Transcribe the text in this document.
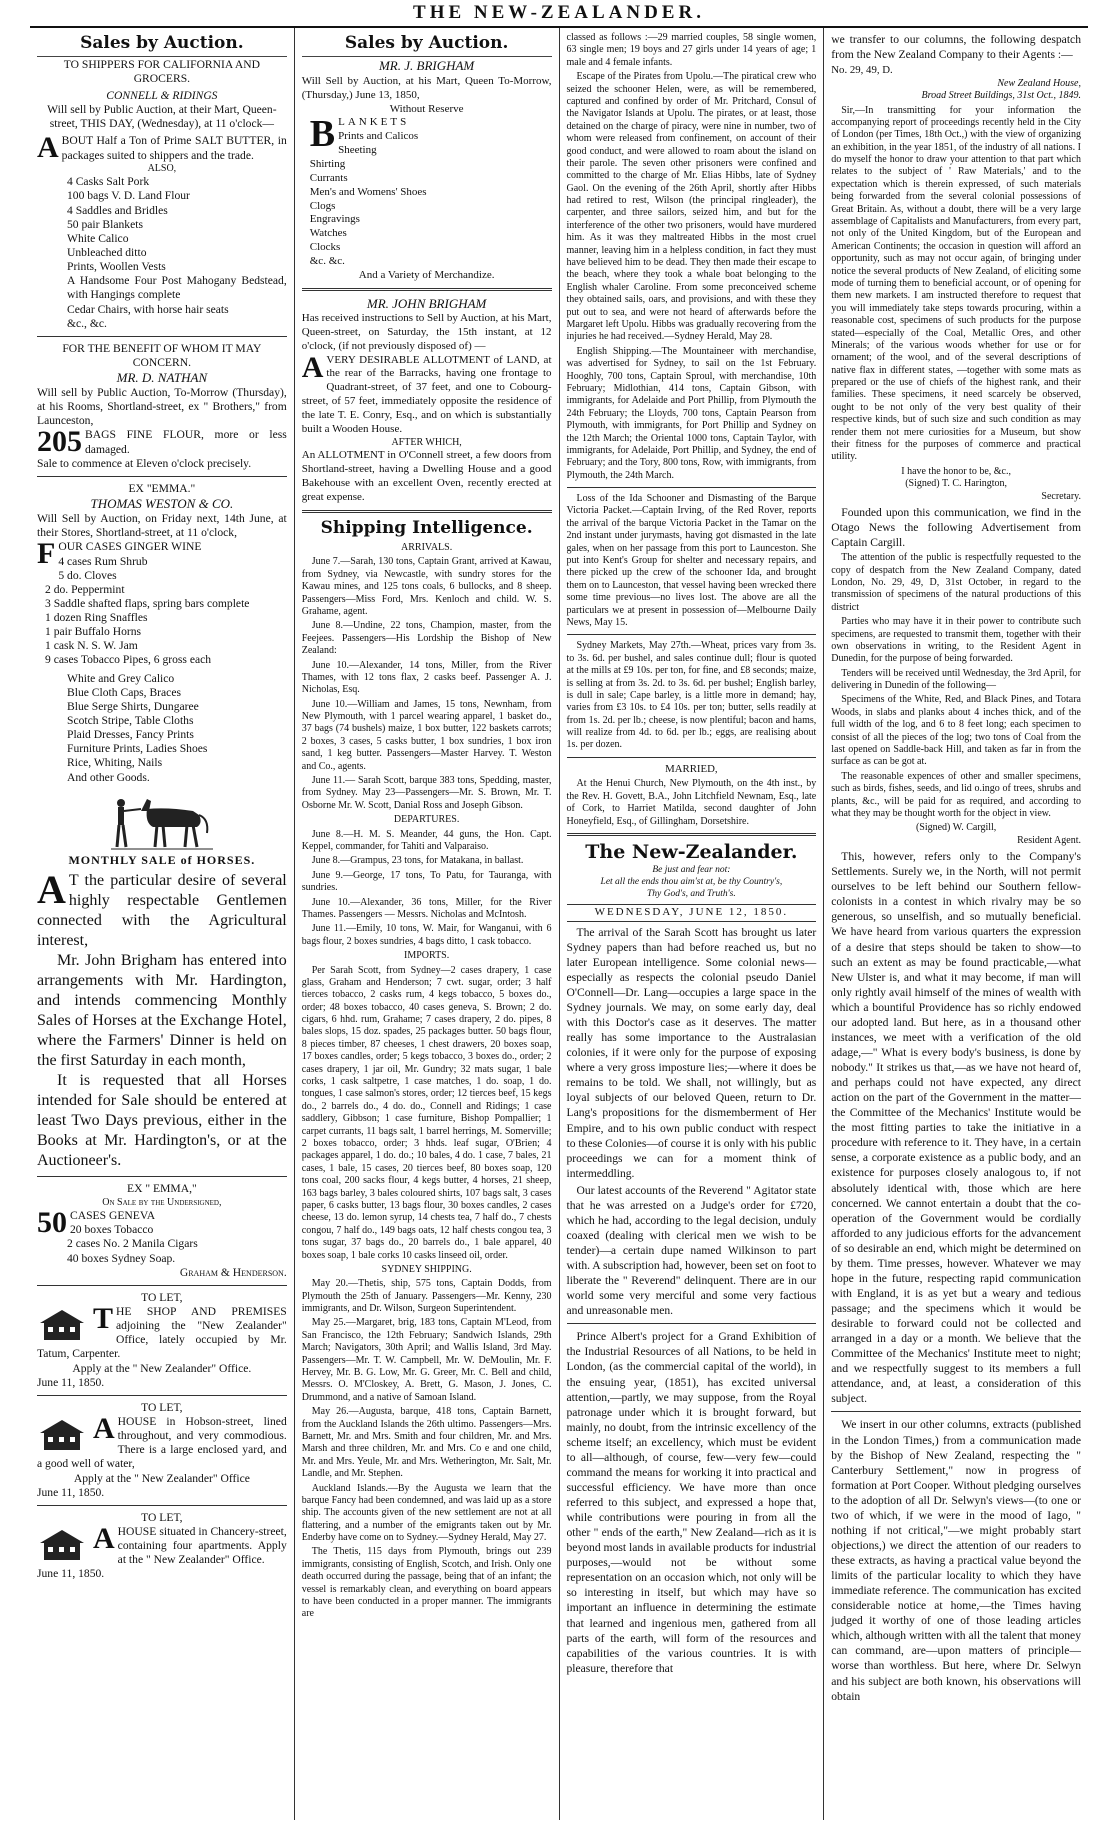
THE NEW-ZEALANDER.
Sales by Auction.
TO SHIPPERS FOR CALIFORNIA AND GROCERS.
CONNELL & RIDINGS
Will sell by Public Auction, at their Mart, Queen-street, THIS DAY, (Wednesday), at 11 o'clock—
ABOUT Half a Ton of Prime SALT BUTTER, in packages suited to shippers and the trade.
ALSO,
4 Casks Salt Pork
100 bags V. D. Land Flour
4 Saddles and Bridles
50 pair Blankets
White Calico
Unbleached ditto
Prints, Woollen Vests
A Handsome Four Post Mahogany Bedstead, with Hangings complete
Cedar Chairs, with horse hair seats
&c., &c.
FOR THE BENEFIT OF WHOM IT MAY CONCERN.
MR. D. NATHAN
Will sell by Public Auction, To-Morrow (Thursday), at his Rooms, Shortland-street, ex " Brothers," from Launceston,
205 BAGS FINE FLOUR, more or less damaged.
Sale to commence at Eleven o'clock precisely.
EX "EMMA."
THOMAS WESTON & CO.
Will Sell by Auction, on Friday next, 14th June, at their Stores, Shortland-street, at 11 o'clock,
FOUR CASES GINGER WINE
4 cases Rum Shrub
5 do. Cloves
2 do. Peppermint
3 Saddle shafted flaps, spring bars complete
1 dozen Ring Snaffles
1 pair Buffalo Horns
1 cask N. S. W. Jam
9 cases Tobacco Pipes, 6 gross each
White and Grey Calico
Blue Cloth Caps, Braces
Blue Serge Shirts, Dungaree
Scotch Stripe, Table Cloths
Plaid Dresses, Fancy Prints
Furniture Prints, Ladies Shoes
Rice, Whiting, Nails
And other Goods.
MONTHLY SALE of HORSES.
A T the particular desire of several highly respectable Gentlemen connected with the Agricultural interest,
Mr. John Brigham has entered into arrangements with Mr. Hardington, and intends commencing Monthly Sales of Horses at the Exchange Hotel, where the Farmers' Dinner is held on the first Saturday in each month,
It is requested that all Horses intended for Sale should be entered at least Two Days previous, either in the Books at Mr. Hardington's, or at the Auctioneer's.
EX " EMMA,"
On Sale by the Undersigned,
50 CASES GENEVA
20 boxes Tobacco
2 cases No. 2 Manila Cigars
40 boxes Sydney Soap.
Graham & Henderson.
TO LET,
THE SHOP AND PREMISES adjoining the "New Zealander" Office, lately occupied by Mr. Tatum, Carpenter.
Apply at the " New Zealander" Office.
June 11, 1850.
TO LET,
AHOUSE in Hobson-street, lined throughout, and very commodious. There is a large enclosed yard, and a good well of water,
Apply at the " New Zealander" Office
June 11, 1850.
TO LET,
AHOUSE situated in Chancery-street, containing four apartments. Apply at the " New Zealander" Office.
June 11, 1850.
Sales by Auction.
MR. J. BRIGHAM
Will Sell by Auction, at his Mart, Queen To-Morrow, (Thursday,) June 13, 1850,
Without Reserve
B LANKETS
Prints and Calicos
Sheeting
Shirting
Currants
Men's and Womens' Shoes
Clogs
Engravings
Watches
Clocks
&c. &c.
And a Variety of Merchandize.
MR. JOHN BRIGHAM
Has received instructions to Sell by Auction, at his Mart, Queen-street, on Saturday, the 15th instant, at 12 o'clock, (if not previously disposed of) —
AVERY DESIRABLE ALLOTMENT of LAND, at the rear of the Barracks, having one frontage to Quadrant-street, of 37 feet, and one to Cobourg-street, of 57 feet, immediately opposite the residence of the late T. E. Conry, Esq., and on which is substantially built a Wooden House.
AFTER WHICH,
An ALLOTMENT in O'Connell street, a few doors from Shortland-street, having a Dwelling House and a good Bakehouse with an excellent Oven, recently erected at great expense.
Shipping Intelligence.
ARRIVALS.

June 7.—Sarah, 130 tons, Captain Grant, arrived at Kawau, from Sydney, via Newcastle, with sundry stores for the Kawau mines, and 125 tons coals, 6 bullocks, and 8 sheep. Passengers—Miss Ford, Mrs. Kenloch and child. W. S. Grahame, agent.

June 8.—Undine, 22 tons, Champion, master, from the Feejees. Passengers—His Lordship the Bishop of New Zealand:

June 10.—Alexander, 14 tons, Miller, from the River Thames, with 12 tons flax, 2 casks beef. Passenger A. J. Nicholas, Esq.

June 10.—William and James, 15 tons, Newnham, from New Plymouth, with 1 parcel wearing apparel, 1 basket do., 37 bags (74 bushels) maize, 1 box butter, 122 baskets carrots; 2 boxes, 3 cases, 5 casks butter, 1 box sundries, 1 box iron sand, 1 keg butter. Passengers—Master Harvey. T. Weston and Co., agents.

June 11.— Sarah Scott, barque 383 tons, Spedding, master, from Sydney. May 23—Passengers—Mr. S. Brown, Mr. T. Osborne Mr. W. Scott, Danial Ross and Joseph Gibson.

DEPARTURES.

June 8.—H. M. S. Meander, 44 guns, the Hon. Capt. Keppel, commander, for Tahiti and Valparaiso.

June 8.—Grampus, 23 tons, for Matakana, in ballast.

June 9.—George, 17 tons, To Patu, for Tauranga, with sundries.

June 10.—Alexander, 36 tons, Miller, for the River Thames. Passengers — Messrs. Nicholas and McIntosh.

June 11.—Emily, 10 tons, W. Mair, for Wanganui, with 6 bags flour, 2 boxes sundries, 4 bags ditto, 1 cask tobacco.

IMPORTS.

Per Sarah Scott, from Sydney—2 cases drapery, 1 case glass, Graham and Henderson; 7 cwt. sugar, order; 3 half tierces tobacco, 2 casks rum, 4 kegs tobacco, 5 boxes do., order; 48 boxes tobacco, 40 cases geneva, S. Brown; 2 do. cigars, 6 hhd. rum, Grahame; 7 cases drapery, 2 do. pipes, 8 bales slops, 15 doz. spades, 25 packages butter. 50 bags flour, 8 pieces timber, 87 cheeses, 1 chest drawers, 20 boxes soap, 17 boxes candles, order; 5 kegs tobacco, 3 boxes do., order; 2 cases drapery, 1 jar oil, Mr. Gundry; 32 mats sugar, 1 bale corks, 1 cask saltpetre, 1 case matches, 1 do. soap, 1 do. tongues, 1 case salmon's stores, order; 12 tierces beef, 15 kegs do., 2 barrels do., 4 do. do., Connell and Ridings; 1 case saddlery, Gibbson; 1 case furniture, Bishop Pompallier; 1 carpet currants, 11 bags salt, 1 barrel herrings, M. Somerville; 2 boxes tobacco, order; 3 hhds. leaf sugar, O'Brien; 4 packages apparel, 1 do. do.; 10 bales, 4 do. 1 case, 7 bales, 21 cases, 1 bale, 15 cases, 20 tierces beef, 80 boxes soap, 120 tons coal, 200 sacks flour, 4 kegs butter, 4 horses, 21 sheep, 163 bags barley, 3 bales coloured shirts, 107 bags salt, 3 cases paper, 6 casks butter, 13 bags flour, 30 boxes candles, 2 cases cheese, 13 do. lemon syrup, 14 chests tea, 7 half do., 7 chests congou, 7 half do., 149 bags oats, 12 half chests congou tea, 3 tons sugar, 37 bags do., 20 barrels do., 1 bale apparel, 40 boxes soap, 1 bale corks 10 casks linseed oil, order.

SYDNEY SHIPPING.

May 20.—Thetis, ship, 575 tons, Captain Dodds, from Plymouth the 25th of January. Passengers—Mr. Kenny, 230 immigrants, and Dr. Wilson, Surgeon Superintendent.

May 25.—Margaret, brig, 183 tons, Captain M'Leod, from San Francisco, the 12th February; Sandwich Islands, 29th March; Navigators, 30th April; and Wallis Island, 3rd May. Passengers—Mr. T. W. Campbell, Mr. W. DeMoulin, Mr. F. Hervey, Mr. B. G. Low, Mr. G. Greer, Mr. C. Bell and child, Messrs. O. M'Closkey, A. Brett, G. Mason, J. Jones, C. Drummond, and a native of Samoan Island.

May 26.—Augusta, barque, 418 tons, Captain Barnett, from the Auckland Islands the 26th ultimo. Passengers—Mrs. Barnett, Mr. and Mrs. Smith and four children, Mr. and Mrs. Marsh and three children, Mr. and Mrs. Co e and one child, Mr. and Mrs. Yeule, Mr. and Mrs. Wetherington, Mr. Salt, Mr. Landle, and Mr. Stephen.

Auckland Islands.—By the Augusta we learn that the barque Fancy had been condemned, and was laid up as a store ship. The accounts given of the new settlement are not at all flattering, and a number of the emigrants taken out by Mr. Enderby have come on to Sydney.—Sydney Herald, May 27.

The Thetis, 115 days from Plymouth, brings out 239 immigrants, consisting of English, Scotch, and Irish. Only one death occurred during the passage, being that of an infant; the vessel is remarkably clean, and everything on board appears to have been conducted in a proper manner. The immigrants are

classed as follows :—29 married couples, 58 single women, 63 single men; 19 boys and 27 girls under 14 years of age; 1 male and 4 female infants.

Escape of the Pirates from Upolu.—The piratical crew who seized the schooner Helen, were, as will be remembered, captured and confined by order of Mr. Pritchard, Consul of the Navigator Islands at Upolu. The pirates, or at least, those detained on the charge of piracy, were nine in number, two of whom were released from confinement, on account of their good conduct, and were allowed to roam about the island on their parole. The seven other prisoners were confined and committed to the charge of Mr. Elias Hibbs, late of Sydney Gaol. On the evening of the 26th April, shortly after Hibbs had retired to rest, Wilson (the principal ringleader), the carpenter, and three sailors, seized him, and but for the interference of the other two prisoners, would have murdered him. As it was they maltreated Hibbs in the most cruel manner, leaving him in a helpless condition, in fact they must have believed him to be dead. They then made their escape to the beach, where they took a whale boat belonging to the English whaler Caroline. From some preconceived scheme they obtained sails, oars, and provisions, and with these they put out to sea, and were not heard of afterwards before the Margaret left Upolu. Hibbs was gradually recovering from the injuries he had received.—Sydney Herald, May 28.

English Shipping.—The Mountaineer with merchandise, was advertised for Sydney, to sail on the 1st February. Hooghly, 700 tons, Captain Sproul, with merchandise, 10th February; Midlothian, 414 tons, Captain Gibson, with immigrants, for Adelaide and Port Phillip, from Plymouth the 24th February; the Lloyds, 700 tons, Captain Pearson from Plymouth, with immigrants, for Port Phillip and Sydney on the 12th March; the Oriental 1000 tons, Captain Taylor, with immigrants, for Adelaide, Port Phillip, and Sydney, the end of February; and the Tory, 800 tons, Row, with immigrants, from Plymouth, the 24th March.

Loss of the Ida Schooner and Dismasting of the Barque Victoria Packet.—Captain Irving, of the Red Rover, reports the arrival of the barque Victoria Packet in the Tamar on the 2nd instant under jurymasts, having got dismasted in the late gales, when on her passage from this port to Launceston. She put into Kent's Group for shelter and necessary repairs, and there picked up the crew of the schooner Ida, and brought them on to Launceston, that vessel having been wrecked there some time previous—no lives lost. The above are all the particulars we at present in possession of—Melbourne Daily News, May 15.

Sydney Markets, May 27th.—Wheat, prices vary from 3s. to 3s. 6d. per bushel, and sales continue dull; flour is quoted at the mills at £9 10s. per ton, for fine, and £8 seconds; maize, is selling at from 3s. 2d. to 3s. 6d. per bushel; English barley, is dull in sale; Cape barley, is a little more in demand; hay, varies from £3 10s. to £4 10s. per ton; butter, sells readily at from 1s. 2d. per lb.; cheese, is now plentiful; bacon and hams, will realize from 4d. to 6d. per lb.; eggs, are realising about 1s. per dozen.

MARRIED,

At the Henui Church, New Plymouth, on the 4th inst., by the Rev. H. Govett, B.A., John Litchfield Newnam, Esq., late of Cork, to Harriet Matilda, second daughter of John Honeyfield, Esq., of Gillingham, Dorsetshire.

The New-Zealander.
Be just and fear not:
Let all the ends thou aim'st at, be thy Country's,
Thy God's, and Truth's.
WEDNESDAY, JUNE 12, 1850.

The arrival of the Sarah Scott has brought us later Sydney papers than had before reached us, but no later European intelligence. Some colonial news—especially as respects the colonial pseudo Daniel O'Connell—Dr. Lang—occupies a large space in the Sydney journals. We may, on some early day, deal with this Doctor's case as it deserves. The matter really has some importance to the Australasian colonies, if it were only for the purpose of exposing where a very gross imposture lies;—where it does be remains to be told. We shall, not willingly, but as loyal subjects of our beloved Queen, return to Dr. Lang's propositions for the dismemberment of Her Empire, and to his own public conduct with respect to these Colonies—of course it is only with his public proceedings we can for a moment think of intermeddling.

Our latest accounts of the Reverend " Agitator state that he was arrested on a Judge's order for £720, which he had, according to the legal decision, unduly coaxed (dealing with clerical men we wish to be tender)—a certain dupe named Wilkinson to part with. A subscription had, however, been set on foot to liberate the " Reverend" delinquent. There are in our world some very merciful and some very factious and unreasonable men.

Prince Albert's project for a Grand Exhibition of the Industrial Resources of all Nations, to be held in London, (as the commercial capital of the world), in the ensuing year, (1851), has excited universal attention,—partly, we may suppose, from the Royal patronage under which it is brought forward, but mainly, no doubt, from the intrinsic excellency of the scheme itself; an excellency, which must be evident to all—although, of course, few—very few—could command the means for working it into practical and successful efficiency. We have more than once referred to this subject, and expressed a hope that, while contributions were pouring in from all the other " ends of the earth," New Zealand—rich as it is beyond most lands in available products for industrial purposes,—would not be without some representation on an occasion which, not only will be so interesting in itself, but which may have so important an influence in determining the estimate that learned and ingenious men, gathered from all parts of the earth, will form of the resources and capabilities of the various countries. It is with pleasure, therefore that

we transfer to our columns, the following despatch from the New Zealand Company to their Agents :—

No. 29, 49, D.
New Zealand House,
Broad Street Buildings, 31st Oct., 1849.

Sir,—In transmitting for your information the accompanying report of proceedings recently held in the City of London (per Times, 18th Oct.,) with the view of organizing an exhibition, in the year 1851, of the industry of all nations. I do myself the honor to draw your attention to that part which relates to the subject of ' Raw Materials,' and to the expectation which is therein expressed, of such materials being forwarded from the several colonial possessions of Great Britain. As, without a doubt, there will be a very large assemblage of Capitalists and Manufacturers, from every part, not only of the United Kingdom, but of the European and American Continents; the occasion in question will afford an opportunity, such as may not occur again, of bringing under notice the several products of New Zealand, of eliciting some mode of turning them to beneficial account, or of opening for them new markets. I am instructed therefore to request that you will immediately take steps towards procuring, within a reasonable cost, specimens of such products for the purpose stated—especially of the Coal, Metallic Ores, and other Minerals; of the various woods whether for use or for ornament; of the wool, and of the several descriptions of native flax in different states, —together with some mats as prepared or the use of chiefs of the highest rank, and their families. These specimens, it need scarcely be observed, ought to be not only of the very best quality of their respective kinds, but of such size and such condition as may render them not mere curiosities for a Museum, but show their fitness for the purposes of commerce and practical utility.

I have the honor to be, &c.,
(Signed) T. C. Harington,
Secretary.

Founded upon this communication, we find in the Otago News the following Advertisement from Captain Cargill.

The attention of the public is respectfully requested to the copy of despatch from the New Zealand Company, dated London, No. 29, 49, D, 31st October, in regard to the transmission of specimens of the natural productions of this district

Parties who may have it in their power to contribute such specimens, are requested to transmit them, together with their own observations in writing, to the Resident Agent in Dunedin, for the purpose of being forwarded.

Tenders will be received until Wednesday, the 3rd April, for delivering in Dunedin of the following—

Specimens of the White, Red, and Black Pines, and Totara Woods, in slabs and planks about 4 inches thick, and of the full width of the log, and 6 to 8 feet long; each specimen to consist of all the pieces of the log; two tons of Coal from the last opened on Saddle-back Hill, and taken as far in from the surface as can be got at.

The reasonable expences of other and smaller specimens, such as birds, fishes, seeds, and lid o.ingo of trees, shrubs and plants, &c., will be paid for as required, and according to what they may be thought worth for the object in view.

(Signed) W. Cargill,
Resident Agent.

This, however, refers only to the Company's Settlements. Surely we, in the North, will not permit ourselves to be left behind our Southern fellow-colonists in a contest in which rivalry may be so generous, so unselfish, and so mutually beneficial. We have heard from various quarters the expression of a desire that steps should be taken to show—to such an extent as may be found practicable,—what New Ulster is, and what it may become, if man will only rightly avail himself of the mines of wealth with which a bountiful Providence has so richly endowed our adopted land. But here, as in a thousand other instances, we meet with a verification of the old adage,—" What is every body's business, is done by nobody." It strikes us that,—as we have not heard of, and perhaps could not have expected, any direct action on the part of the Government in the matter—the Committee of the Mechanics' Institute would be the most fitting parties to take the initiative in a procedure with reference to it. They have, in a certain sense, a corporate existence as a public body, and an existence for purposes closely analogous to, if not absolutely identical with, those which are here concerned. We cannot entertain a doubt that the co-operation of the Government would be cordially afforded to any judicious efforts for the advancement of so desirable an end, which might be determined on by them. Time presses, however. Whatever we may hope in the future, respecting rapid communication with England, it is as yet but a weary and tedious passage; and the specimens which it would be desirable to forward could not be collected and arranged in a day or a month. We believe that the Committee of the Mechanics' Institute meet to night; and we respectfully suggest to its members a full attendance, and, at least, a consideration of this subject.

We insert in our other columns, extracts (published in the London Times,) from a communication made by the Bishop of New Zealand, respecting the " Canterbury Settlement," now in progress of formation at Port Cooper. Without pledging ourselves to the adoption of all Dr. Selwyn's views—(to one or two of which, if we were in the mood of Iago, " nothing if not critical,"—we might probably start objections,) we direct the attention of our readers to these extracts, as having a practical value beyond the limits of the particular locality to which they have immediate reference. The communication has excited considerable notice at home,—the Times having judged it worthy of one of those leading articles which, although written with all the talent that money can command, are—upon matters of principle—worse than worthless. But here, where Dr. Selwyn and his subject are both known, his observations will obtain
